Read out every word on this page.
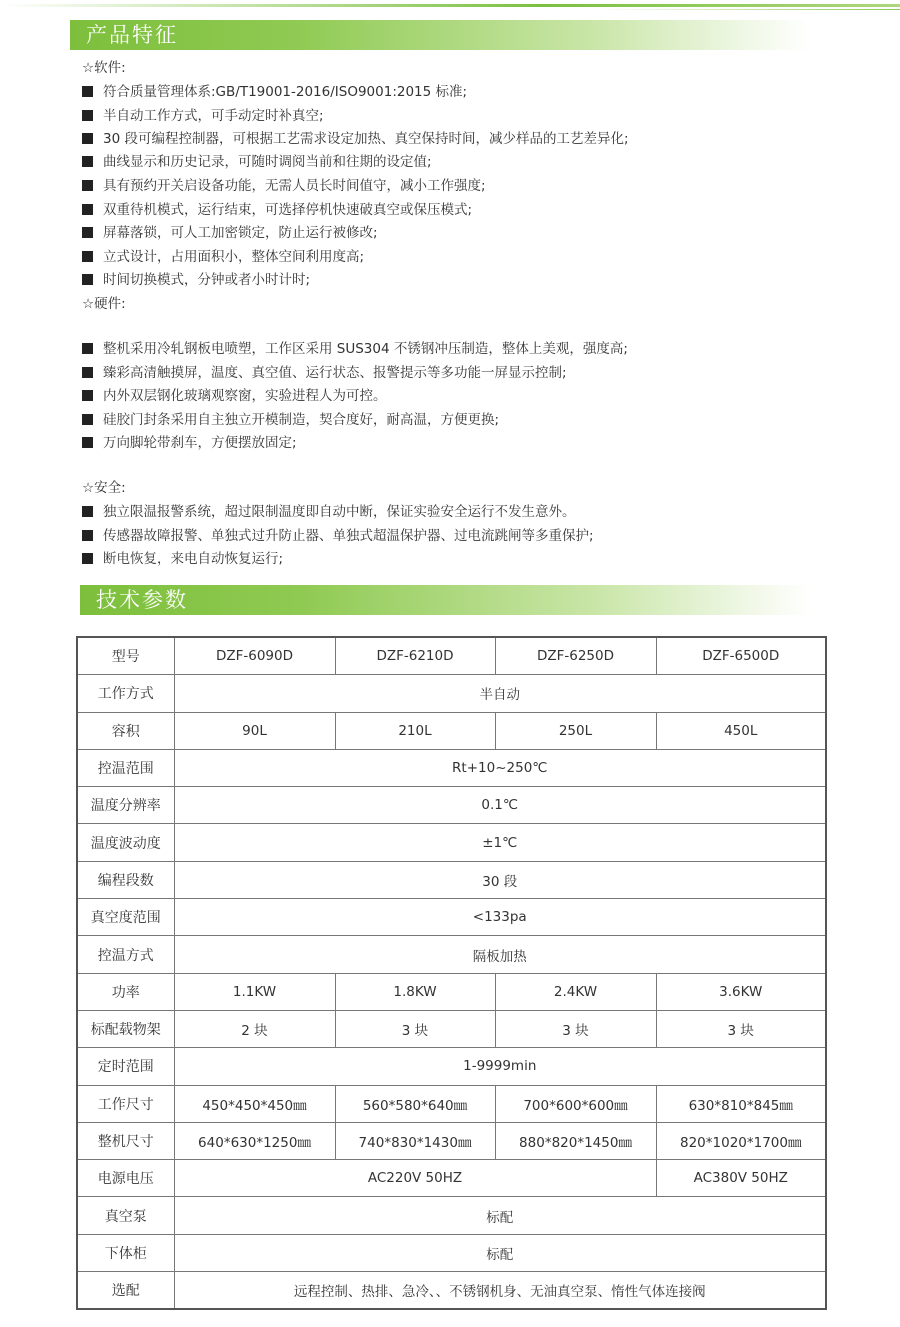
产品特征
☆软件:
符合质量管理体系:GB/T19001-2016/ISO9001:2015 标准;
半自动工作方式，可手动定时补真空;
30 段可编程控制器，可根据工艺需求设定加热、真空保持时间，减少样品的工艺差异化;
曲线显示和历史记录，可随时调阅当前和往期的设定值;
具有预约开关启设备功能，无需人员长时间值守，减小工作强度;
双重待机模式，运行结束，可选择停机快速破真空或保压模式;
屏幕落锁，可人工加密锁定，防止运行被修改;
立式设计，占用面积小，整体空间利用度高;
时间切换模式，分钟或者小时计时;
☆硬件:
整机采用冷轧钢板电喷塑，工作区采用 SUS304 不锈钢冲压制造，整体上美观，强度高;
臻彩高清触摸屏，温度、真空值、运行状态、报警提示等多功能一屏显示控制;
内外双层钢化玻璃观察窗，实验进程人为可控。
硅胶门封条采用自主独立开模制造，契合度好，耐高温，方便更换;
万向脚轮带刹车，方便摆放固定;
☆安全:
独立限温报警系统，超过限制温度即自动中断，保证实验安全运行不发生意外。
传感器故障报警、单独式过升防止器、单独式超温保护器、过电流跳闸等多重保护;
断电恢复，来电自动恢复运行;
技术参数
型号	DZF-6090D	DZF-6210D	DZF-6250D	DZF-6500D
工作方式	半自动			
容积	90L	210L	250L	450L
控温范围	Rt+10~250℃			
温度分辨率	0.1℃			
温度波动度	±1℃			
编程段数	30 段			
真空度范围	<133pa			
控温方式	隔板加热			
功率	1.1KW	1.8KW	2.4KW	3.6KW
标配载物架	2 块	3 块	3 块	3 块
定时范围	1-9999min			
工作尺寸	450*450*450㎜	560*580*640㎜	700*600*600㎜	630*810*845㎜
整机尺寸	640*630*1250㎜	740*830*1430㎜	880*820*1450㎜	820*1020*1700㎜
电源电压	AC220V 50HZ			AC380V 50HZ
真空泵	标配			
下体柜	标配			
选配	远程控制、热排、急冷、、不锈钢机身、无油真空泵、惰性气体连接阀			
